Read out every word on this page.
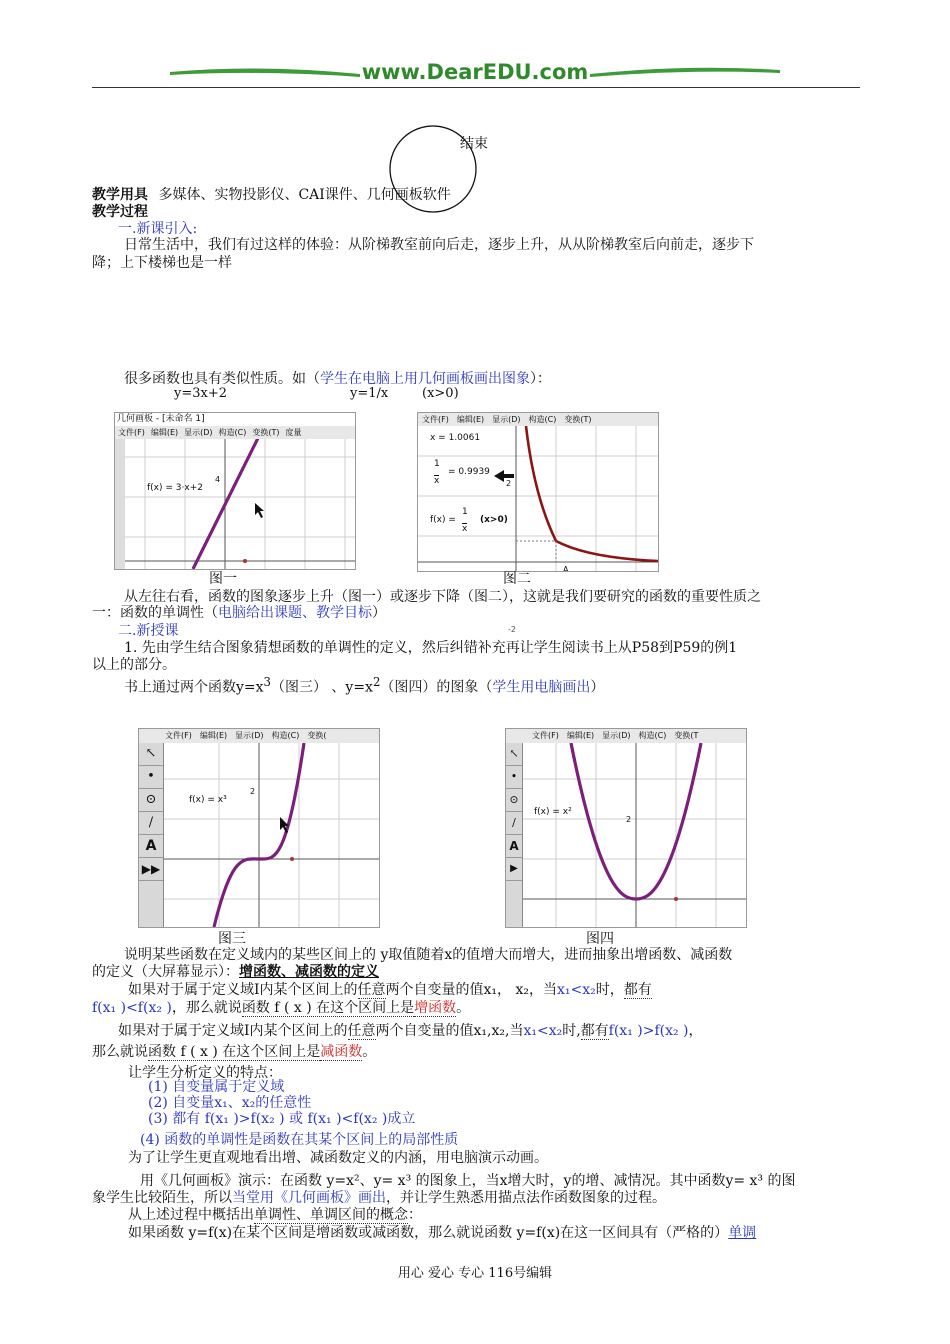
www.DearEDU.com
结束
教学用具 多媒体、实物投影仪、CAI课件、几何画板软件
教学过程
一.新课引入:
日常生活中，我们有过这样的体验：从阶梯教室前向后走，逐步上升，从从阶梯教室后向前走，逐步下
降；上下楼梯也是一样
很多函数也具有类似性质。如（学生在电脑上用几何画板画出图象）：
y=3x+2	y=1/x	(x>0)
几何画板 - [未命名 1]
文件(F) 编辑(E) 显示(D) 构造(C) 变换(T) 度量
f(x) = 3·x+2
4
图一
文件(F) 编辑(E) 显示(D) 构造(C) 变换(T)
x = 1.0061
1
x
= 0.9939
f(x) =
1
x
(x>0)
2
A
图二
-2
从左往右看，函数的图象逐步上升（图一）或逐步下降（图二），这就是我们要研究的函数的重要性质之
一：函数的单调性（电脑给出课题、教学目标）
二.新授课
1. 先由学生结合图象猜想函数的单调性的定义，然后纠错补充再让学生阅读书上从P58到P59的例1
以上的部分。
书上通过两个函数$y=x^3$（图三） 、$y=x^2$（图四）的图象（学生用电脑画出）
文件(F) 编辑(E) 显示(D) 构造(C) 变换(
↖
•
⊙
∕
A
▶▶
f(x) = x³
2
图三
文件(F) 编辑(E) 显示(D) 构造(C) 变换(T
↖
•
⊙
∕
A
▶
f(x) = x²
2
图四
说明某些函数在定义域内的某些区间上的 y取值随着x的值增大而增大，进而抽象出增函数、减函数
的定义（大屏幕显示）：增函数、减函数的定义
如果对于属于定义域I内某个区间上的任意两个自变量的值x₁， x₂，当x₁<x₂时，都有
f(x₁ )<f(x₂ )，那么就说函数 f ( x ) 在这个区间上是增函数。
如果对于属于定义域I内某个区间上的任意两个自变量的值x₁,x₂,当x₁<x₂时,都有f(x₁ )>f(x₂ )，
那么就说函数 f ( x ) 在这个区间上是减函数。
让学生分析定义的特点：
(1) 自变量属于定义域
(2) 自变量x₁、x₂的任意性
(3) 都有 f(x₁ )>f(x₂ ) 或 f(x₁ )<f(x₂ )成立
(4) 函数的单调性是函数在其某个区间上的局部性质
为了让学生更直观地看出增、减函数定义的内涵，用电脑演示动画。
用《几何画板》演示：在函数 y=x²、y= x³ 的图象上，当x增大时，y的增、减情况。其中函数y= x³ 的图
象学生比较陌生，所以当堂用《几何画板》画出，并让学生熟悉用描点法作函数图象的过程。
从上述过程中概括出单调性、单调区间的概念：
如果函数 y=f(x)在某个区间是增函数或减函数，那么就说函数 y=f(x)在这一区间具有（严格的）单调
用心 爱心 专心 116号编辑
